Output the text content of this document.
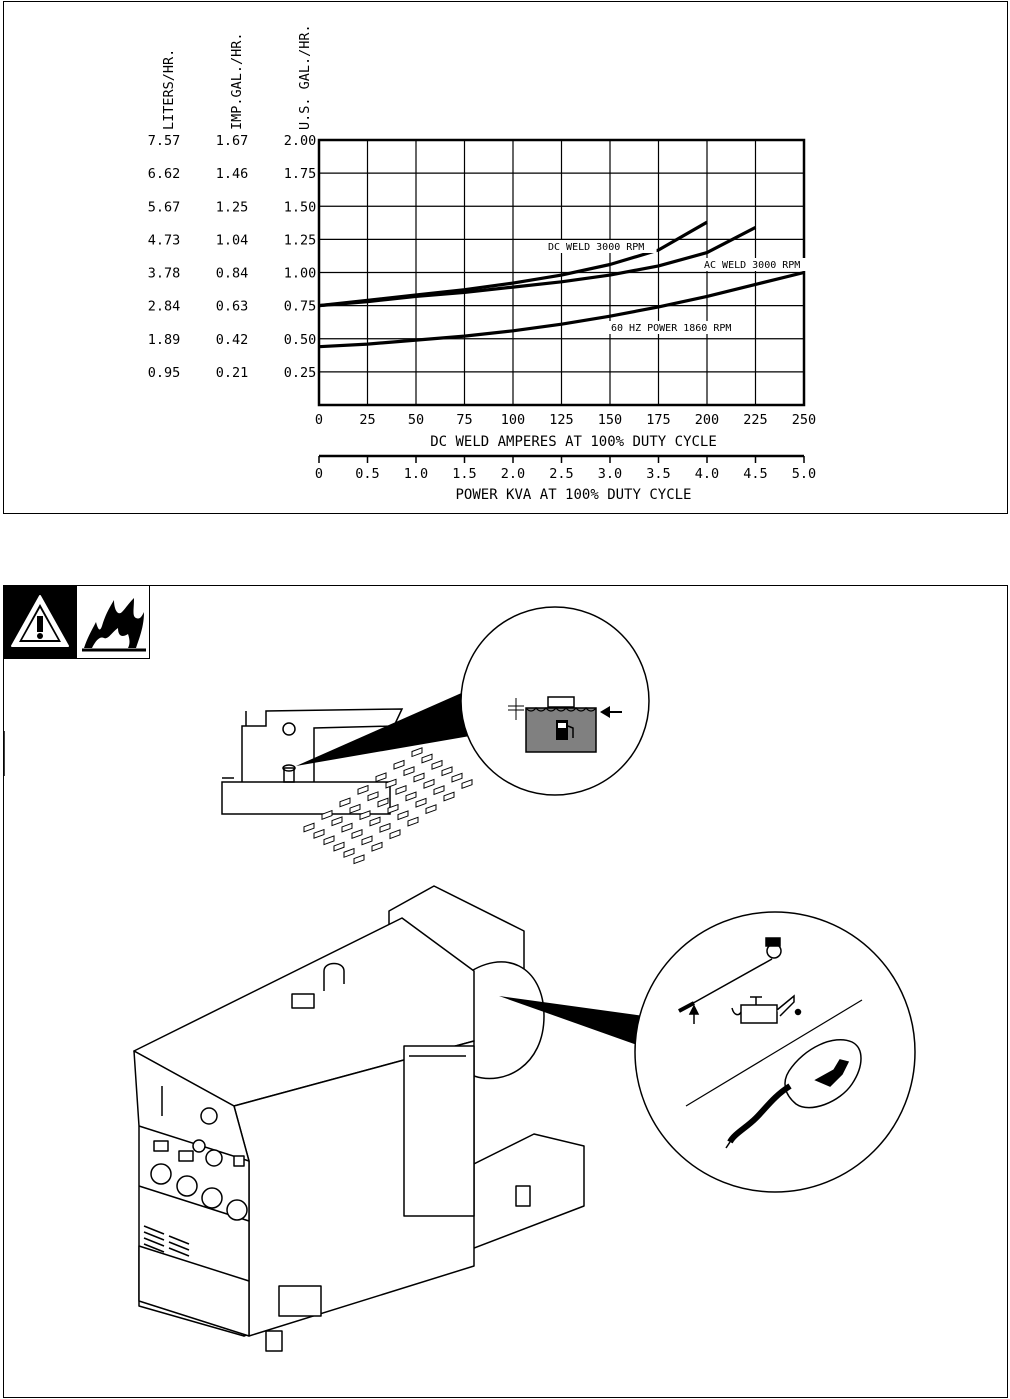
LITERS/HR.
7.57
6.62
5.67
4.73
3.78
2.84
1.89
0.95
IMP.GAL./HR.
1.67
1.46
1.25
1.04
0.84
0.63
0.42
0.21
U.S. GAL./HR.
2.00
1.75
1.50
1.25
1.00
0.75
0.50
0.25
DC WELD 3000 RPM
AC WELD 3000 RPM
60 HZ POWER 1860 RPM
0	25 50 75 100 125 150 175 200 225 250
DC WELD AMPERES AT 100% DUTY CYCLE
0 0.5 1.0 1.5 2.0 2.5 3.0 3.5 4.0 4.5 5.0
POWER KVA AT 100% DUTY CYCLE
